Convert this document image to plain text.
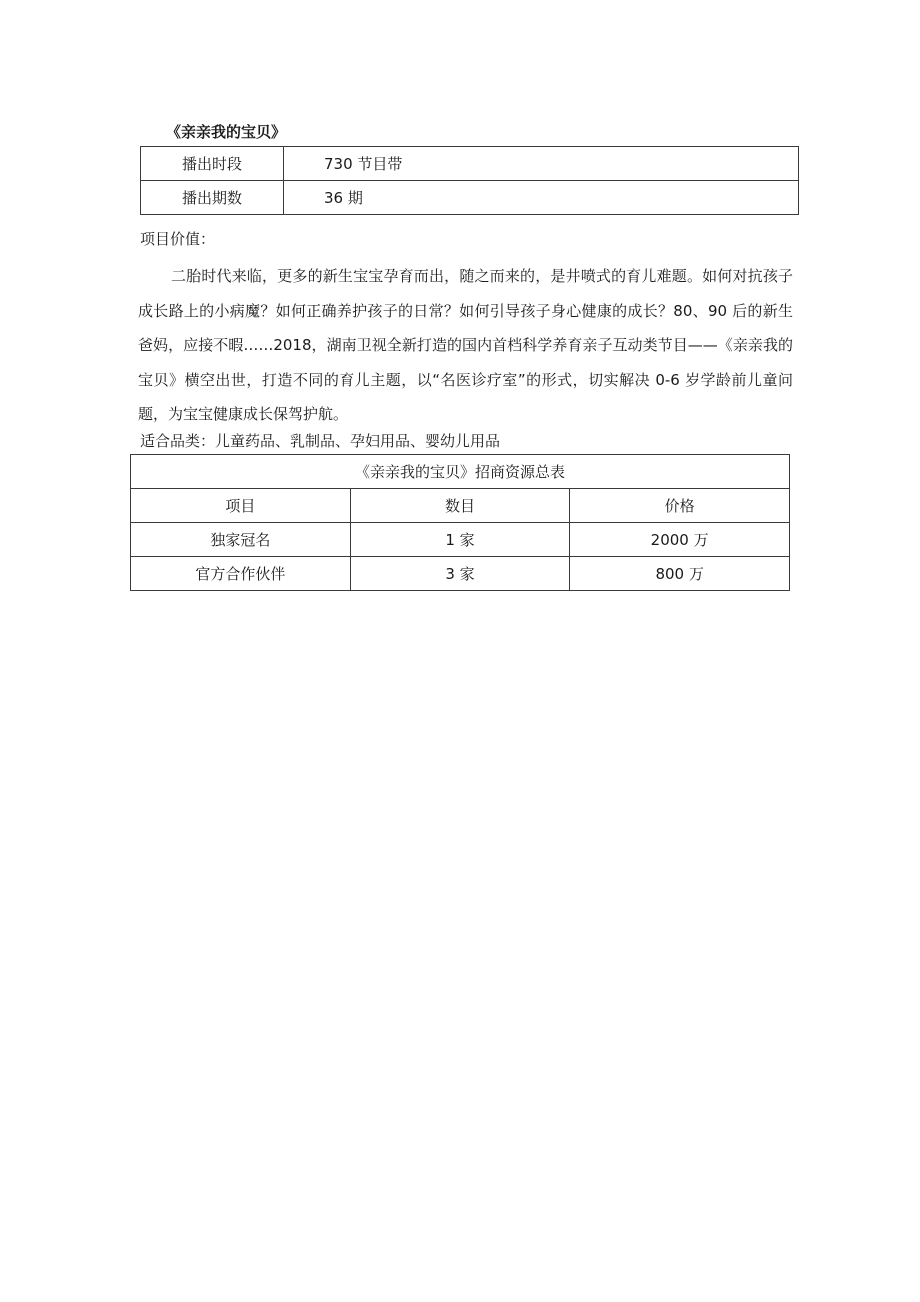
《亲亲我的宝贝》
播出时段	730 节目带
播出期数	36 期
项目价值：

二胎时代来临，更多的新生宝宝孕育而出，随之而来的，是井喷式的育儿难题。如何对抗孩子成长路上的小病魔？如何正确养护孩子的日常？如何引导孩子身心健康的成长？80、90 后的新生爸妈，应接不暇……2018，湖南卫视全新打造的国内首档科学养育亲子互动类节目——《亲亲我的宝贝》横空出世，打造不同的育儿主题，以“名医诊疗室”的形式，切实解决 0-6 岁学龄前儿童问题，为宝宝健康成长保驾护航。

适合品类：儿童药品、乳制品、孕妇用品、婴幼儿用品
《亲亲我的宝贝》招商资源总表		
项目	数目	价格
独家冠名	1 家	2000 万
官方合作伙伴	3 家	800 万
